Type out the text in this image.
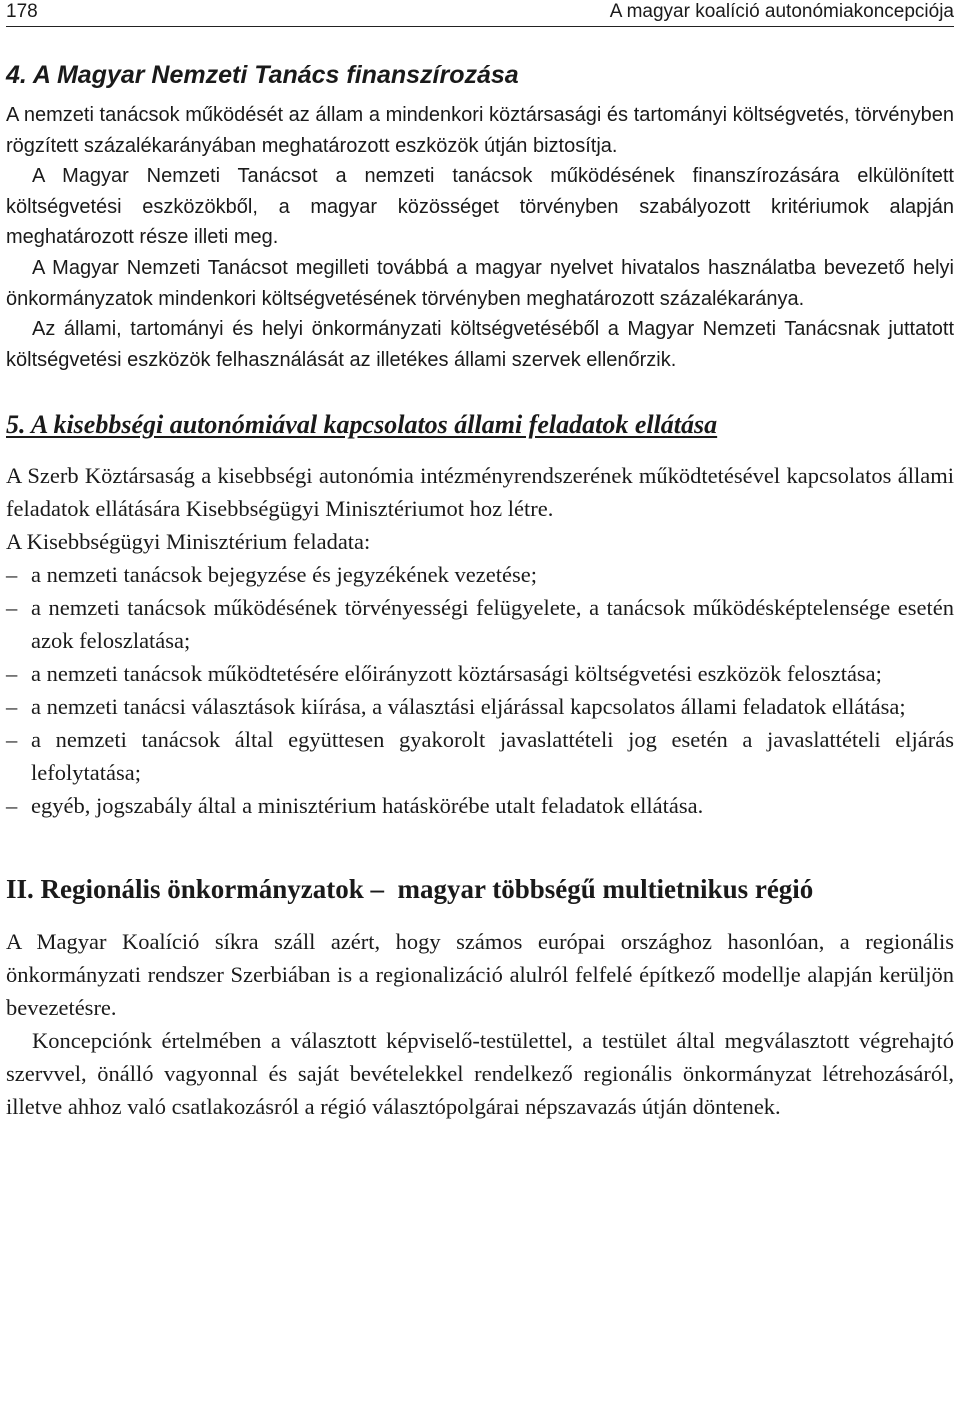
178	A magyar koalíció autonómiakoncepciója
4. A Magyar Nemzeti Tanács finanszírozása

A nemzeti tanácsok működését az állam a mindenkori köztársasági és tartományi költségvetés, törvényben rögzített százalékarányában meghatározott eszközök útján biztosítja.

A Magyar Nemzeti Tanácsot a nemzeti tanácsok működésének finanszírozására elkülönített költségvetési eszközökből, a magyar közösséget törvényben szabályozott kritériumok alapján meghatározott része illeti meg.

A Magyar Nemzeti Tanácsot megilleti továbbá a magyar nyelvet hivatalos használatba bevezető helyi önkormányzatok mindenkori költségvetésének törvényben meghatározott százalékaránya.

Az állami, tartományi és helyi önkormányzati költségvetéséből a Magyar Nemzeti Tanácsnak juttatott költségvetési eszközök felhasználását az illetékes állami szervek ellenőrzik.

5. A kisebbségi autonómiával kapcsolatos állami feladatok ellátása

A Szerb Köztársaság a kisebbségi autonómia intézményrendszerének működtetésével kapcsolatos állami feladatok ellátására Kisebbségügyi Minisztériumot hoz létre.

A Kisebbségügyi Minisztérium feladata:

– a nemzeti tanácsok bejegyzése és jegyzékének vezetése;
– a nemzeti tanácsok működésének törvényességi felügyelete, a tanácsok működésképtelensége esetén azok feloszlatása;
– a nemzeti tanácsok működtetésére előirányzott köztársasági költségvetési eszközök felosztása;
– a nemzeti tanácsi választások kiírása, a választási eljárással kapcsolatos állami feladatok ellátása;
– a nemzeti tanácsok által együttesen gyakorolt javaslattételi jog esetén a javaslattételi eljárás lefolytatása;
– egyéb, jogszabály által a minisztérium hatáskörébe utalt feladatok ellátása.
II. Regionális önkormányzatok –  magyar többségű multietnikus régió

A Magyar Koalíció síkra száll azért, hogy számos európai országhoz hasonlóan, a regionális önkormányzati rendszer Szerbiában is a regionalizáció alulról felfelé építkező modellje alapján kerüljön bevezetésre.

Koncepciónk értelmében a választott képviselő-testülettel, a testület által megválasztott végrehajtó szervvel, önálló vagyonnal és saját bevételekkel rendelkező regionális önkormányzat létrehozásáról, illetve ahhoz való csatlakozásról a régió választópolgárai népszavazás útján döntenek.
